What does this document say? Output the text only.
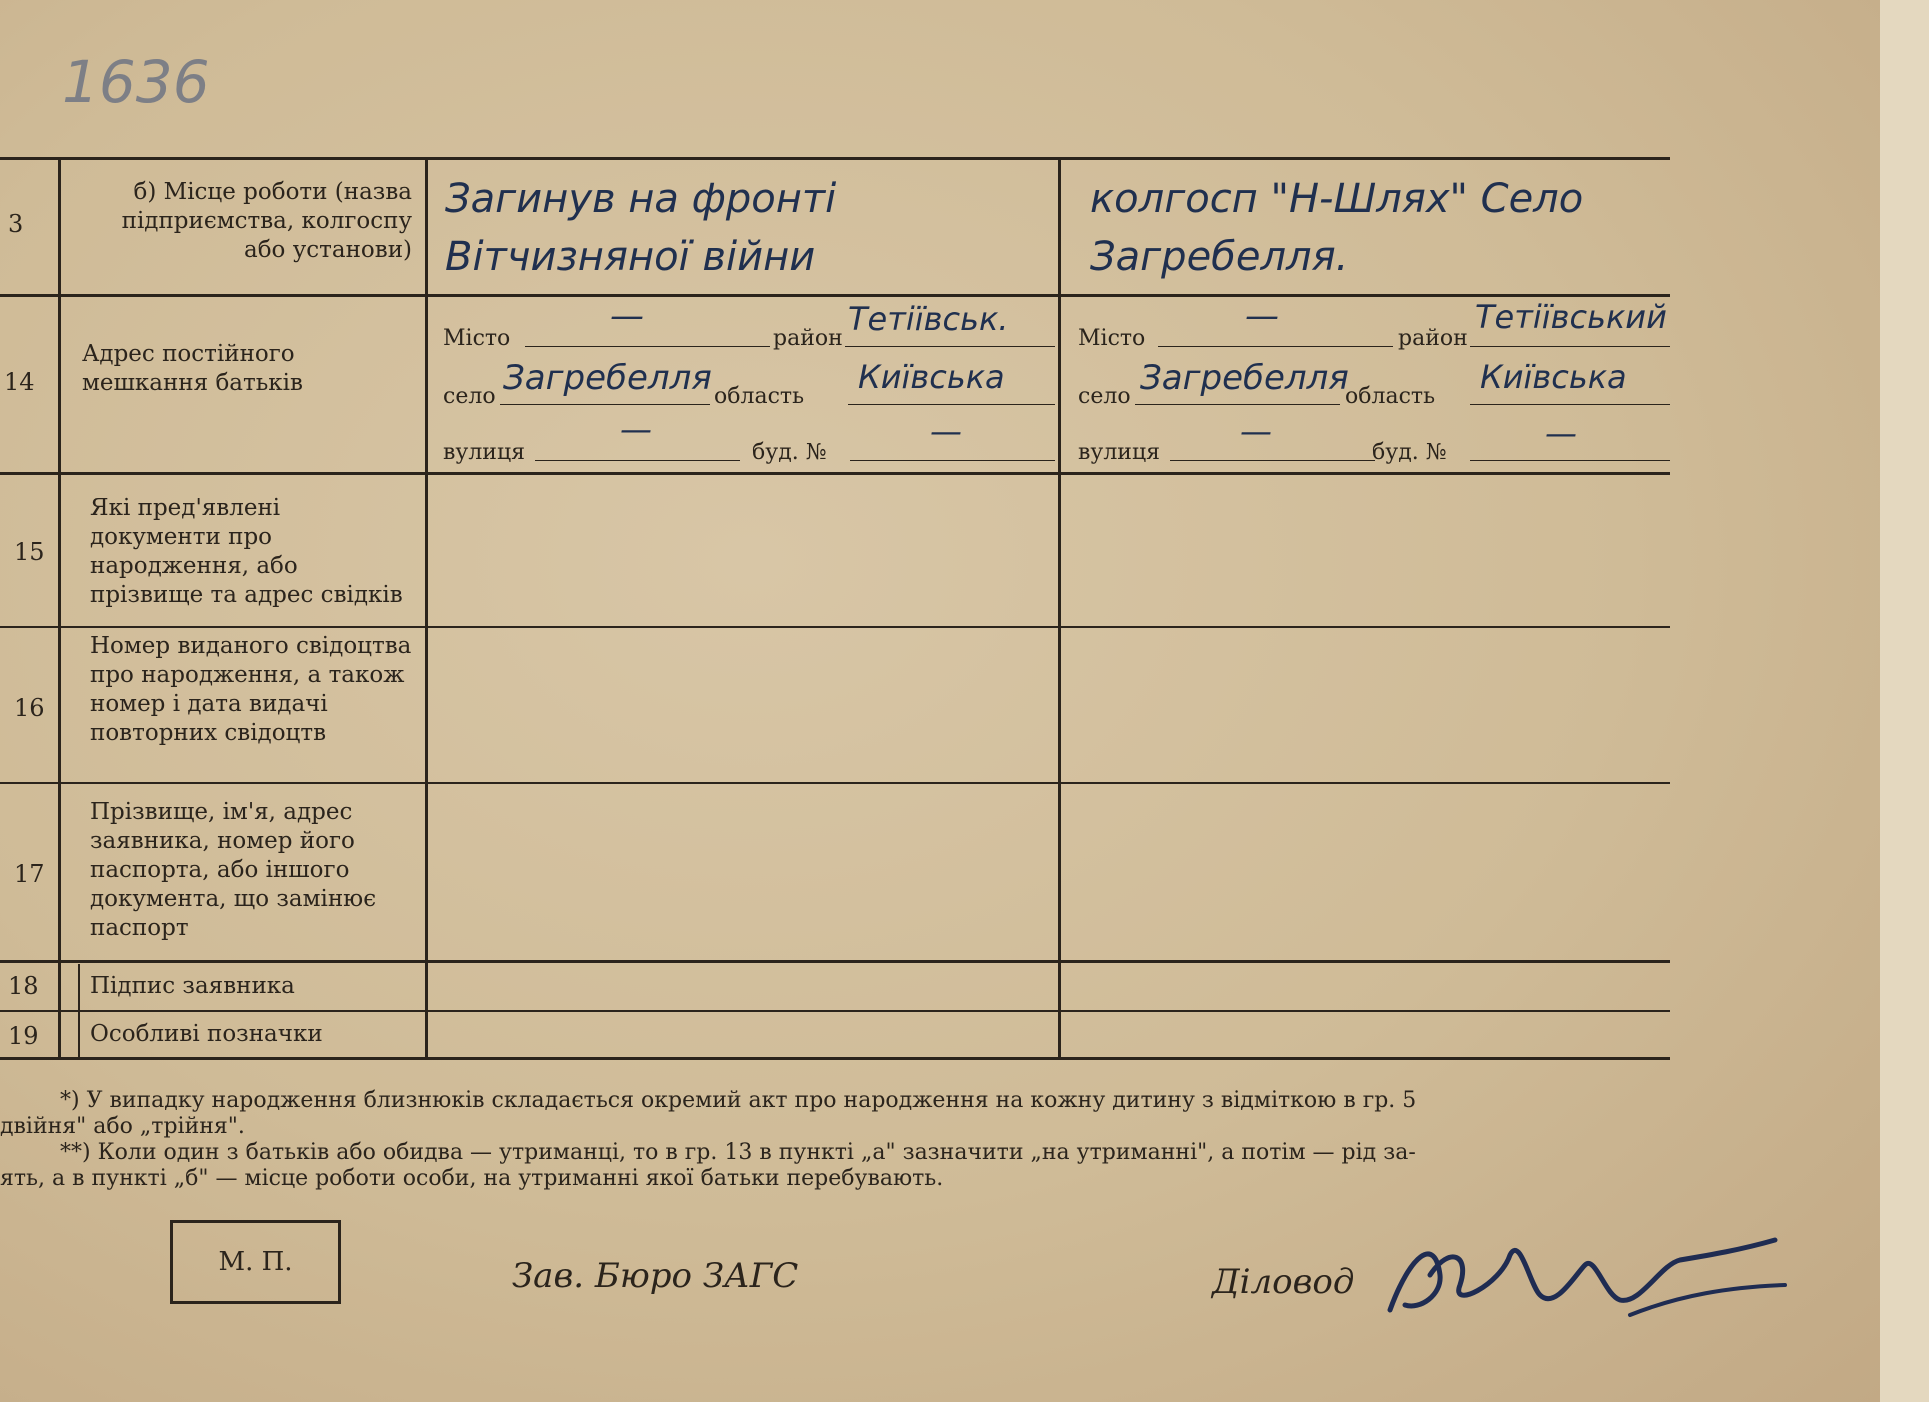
1636
3
б) Місце роботи (назва підприємства, колгоспу або установи)
Загинув на фронті Вітчизняної війни
колгосп "Н-Шлях" Село Загребелля.
14
Адрес постійного мешкання батьків
Місто
—
район
Тетіївськ.
село Загребелля область
Київська
вулиця
—
буд. №
—
Місто
—
район
Тетіївський
село Загребелля
область
Київська
вулиця
—
буд. №
—
15
Які пред'явлені документи про народження, або прізвище та адрес свідків
16
Номер виданого свідоцтва про народження, а також номер і дата видачі повторних свідоцтв
17
Прізвище, ім'я, адрес заявника, номер його паспорта, або іншого документа, що замінює паспорт
18 Підпис заявника
19 Особливі позначки
*) У випадку народження близнюків складається окремий акт про народження на кожну дитину з відміткою в гр. 5
двійня" або „трійня".
**) Коли один з батьків або обидва — утриманці, то в гр. 13 в пункті „а" зазначити „на утриманні", а потім — рід за-
ять, а в пункті „б" — місце роботи особи, на утриманні якої батьки перебувають.
М. П.	Зав. Бюро ЗАГС	Діловод
